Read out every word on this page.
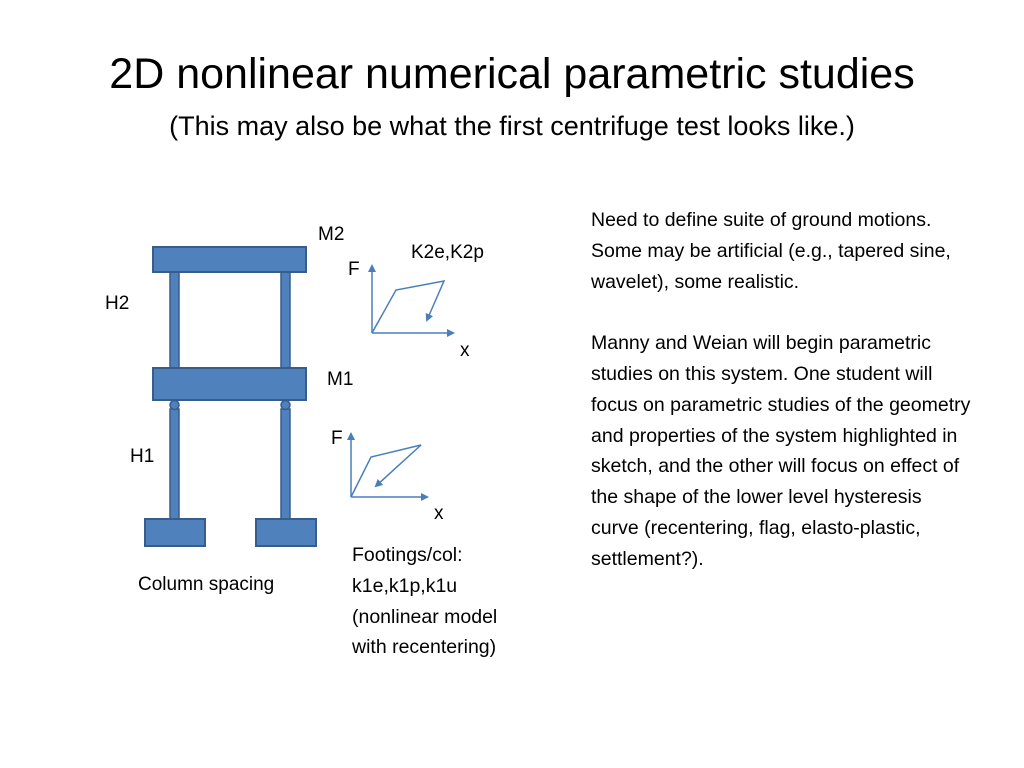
2D nonlinear numerical parametric studies
(This may also be what the first centrifuge test looks like.)
M2
M1
H2
H1
Column spacing
K2e,K2p
F
x
F
x
Footings/col:
k1e,k1p,k1u
(nonlinear model
with recentering)

Need to define suite of ground motions. Some may be artificial (e.g., tapered sine, wavelet), some realistic.

Manny and Weian will begin parametric studies on this system. One student will focus on parametric studies of the geometry and properties of the system highlighted in sketch, and the other will focus on effect of the shape of the lower level hysteresis curve (recentering, flag, elasto-plastic, settlement?).
